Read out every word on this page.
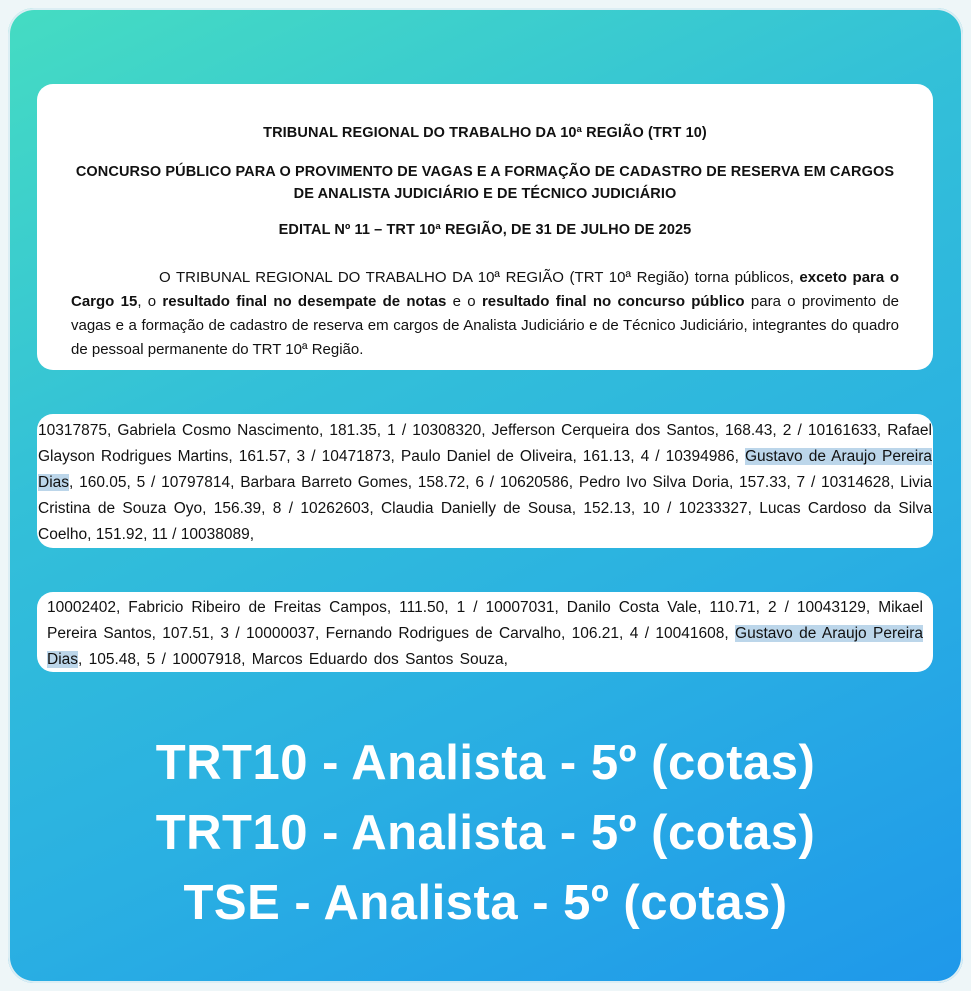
TRIBUNAL REGIONAL DO TRABALHO DA 10ª REGIÃO (TRT 10)
CONCURSO PÚBLICO PARA O PROVIMENTO DE VAGAS E A FORMAÇÃO DE CADASTRO DE RESERVA EM CARGOS DE ANALISTA JUDICIÁRIO E DE TÉCNICO JUDICIÁRIO
EDITAL Nº 11 – TRT 10ª REGIÃO, DE 31 DE JULHO DE 2025
O TRIBUNAL REGIONAL DO TRABALHO DA 10ª REGIÃO (TRT 10ª Região) torna públicos, exceto para o Cargo 15, o resultado final no desempate de notas e o resultado final no concurso público para o provimento de vagas e a formação de cadastro de reserva em cargos de Analista Judiciário e de Técnico Judiciário, integrantes do quadro de pessoal permanente do TRT 10ª Região.
10317875, Gabriela Cosmo Nascimento, 181.35, 1 / 10308320, Jefferson Cerqueira dos Santos, 168.43, 2 / 10161633, Rafael Glayson Rodrigues Martins, 161.57, 3 / 10471873, Paulo Daniel de Oliveira, 161.13, 4 / 10394986, Gustavo de Araujo Pereira Dias, 160.05, 5 / 10797814, Barbara Barreto Gomes, 158.72, 6 / 10620586, Pedro Ivo Silva Doria, 157.33, 7 / 10314628, Livia Cristina de Souza Oyo, 156.39, 8 / 10262603, Claudia Danielly de Sousa, 152.13, 10 / 10233327, Lucas Cardoso da Silva Coelho, 151.92, 11 / 10038089,
10002402, Fabricio Ribeiro de Freitas Campos, 111.50, 1 / 10007031, Danilo Costa Vale, 110.71, 2 / 10043129, Mikael Pereira Santos, 107.51, 3 / 10000037, Fernando Rodrigues de Carvalho, 106.21, 4 / 10041608, Gustavo de Araujo Pereira Dias, 105.48, 5 / 10007918, Marcos Eduardo dos Santos Souza,
TRT10 - Analista - 5º (cotas)
TRT10 - Analista - 5º (cotas)
TSE - Analista - 5º (cotas)
